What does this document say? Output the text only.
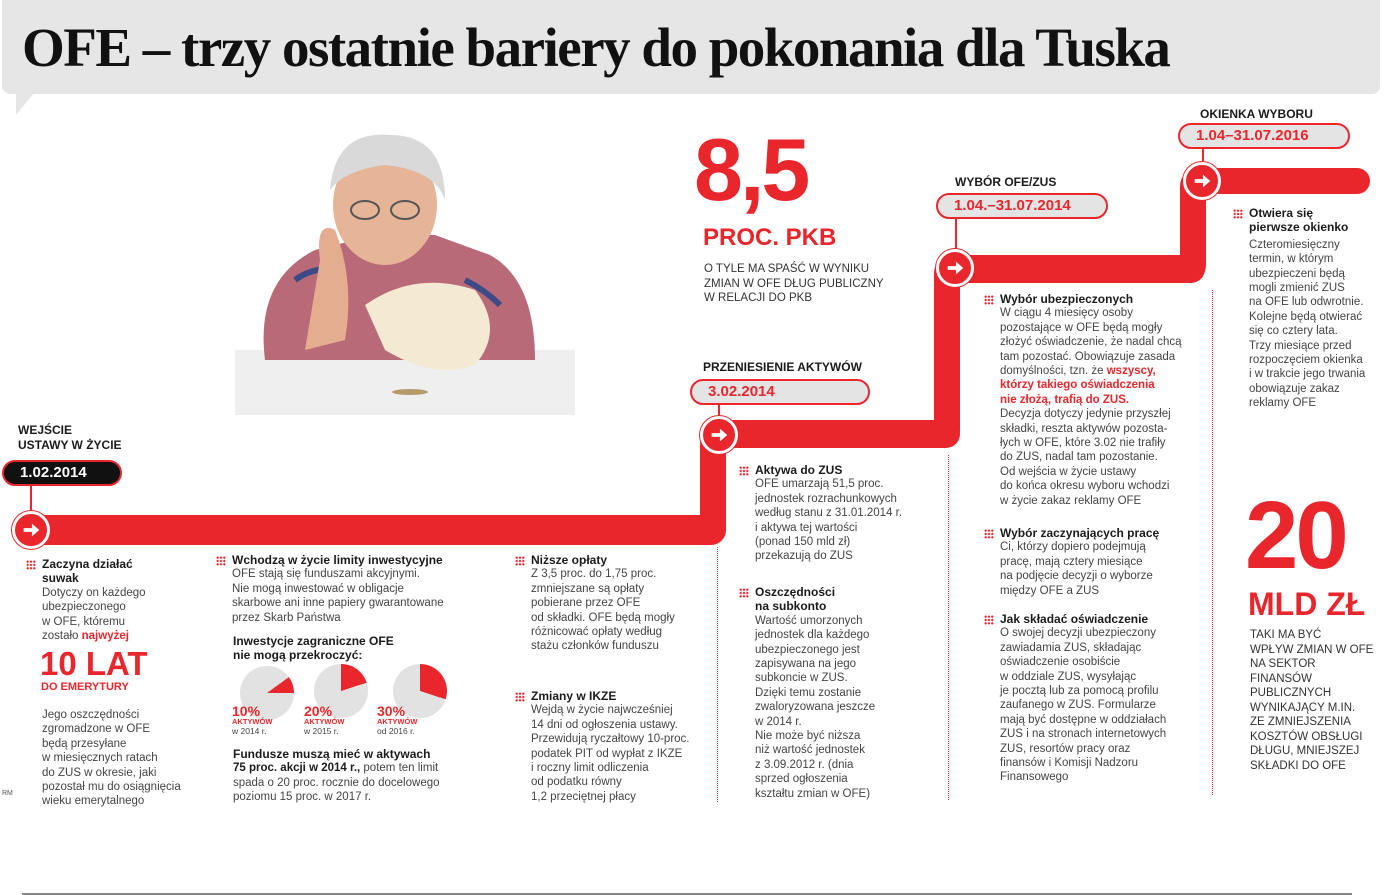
OFE – trzy ostatnie bariery do pokonania dla Tuska
WEJŚCIE
USTAWY W ŻYCIE
1.02.2014
PRZENIESIENIE AKTYWÓW
3.02.2014
WYBÓR OFE/ZUS
1.04.–31.07.2014
OKIENKA WYBORU
1.04–31.07.2016
8,5
PROC. PKB
O TYLE MA SPAŚĆ W WYNIKU
ZMIAN W OFE DŁUG PUBLICZNY
W RELACJI DO PKB
20
MLD ZŁ
TAKI MA BYĆ
WPŁYW ZMIAN W OFE
NA SEKTOR
FINANSÓW
PUBLICZNYCH
WYNIKAJĄCY M.IN.
ZE ZMNIEJSZENIA
KOSZTÓW OBSŁUGI
DŁUGU, MNIEJSZEJ
SKŁADKI DO OFE
Zaczyna działać
suwak
Dotyczy on każdego
ubezpieczonego
w OFE, któremu
zostało najwyżej
10 LAT
DO EMERYTURY
Jego oszczędności
zgromadzone w OFE
będą przesyłane
w miesięcznych ratach
do ZUS w okresie, jaki
pozostał mu do osiągnięcia
wieku emerytalnego
RM
Wchodzą w życie limity inwestycyjne
OFE stają się funduszami akcyjnymi.
Nie mogą inwestować w obligacje
skarbowe ani inne papiery gwarantowane
przez Skarb Państwa
Inwestycje zagraniczne OFE
nie mogą przekroczyć:
10%
AKTYWÓW
w 2014 r.
20%
AKTYWÓW
w 2015 r.
30%
AKTYWÓW
od 2016 r.
Fundusze muszą mieć w aktywach
75 proc. akcji w 2014 r., potem ten limit
spada o 20 proc. rocznie do docelowego
poziomu 15 proc. w 2017 r.
Niższe opłaty
Z 3,5 proc. do 1,75 proc.
zmniejszane są opłaty
pobierane przez OFE
od składki. OFE będą mogły
różnicować opłaty według
stażu członków funduszu
Zmiany w IKZE
Wejdą w życie najwcześniej
14 dni od ogłoszenia ustawy.
Przewidują ryczałtowy 10-proc.
podatek PIT od wypłat z IKZE
i roczny limit odliczenia
od podatku równy
1,2 przeciętnej płacy
Aktywa do ZUS
OFE umarzają 51,5 proc.
jednostek rozrachunkowych
według stanu z 31.01.2014 r.
i aktywa tej wartości
(ponad 150 mld zł)
przekazują do ZUS
Oszczędności
na subkonto
Wartość umorzonych
jednostek dla każdego
ubezpieczonego jest
zapisywana na jego
subkoncie w ZUS.
Dzięki temu zostanie
zwaloryzowana jeszcze
w 2014 r.
Nie może być niższa
niż wartość jednostek
z 3.09.2012 r. (dnia
sprzed ogłoszenia
kształtu zmian w OFE)
Wybór ubezpieczonych
W ciągu 4 miesięcy osoby
pozostające w OFE będą mogły
złożyć oświadczenie, że nadal chcą
tam pozostać. Obowiązuje zasada
domyślności, tzn. że wszyscy,
którzy takiego oświadczenia
nie złożą, trafią do ZUS.
Decyzja dotyczy jedynie przyszłej
składki, reszta aktywów pozosta-
łych w OFE, które 3.02 nie trafiły
do ZUS, nadal tam pozostanie.
Od wejścia w życie ustawy
do końca okresu wyboru wchodzi
w życie zakaz reklamy OFE
Wybór zaczynających pracę
Ci, którzy dopiero podejmują
pracę, mają cztery miesiące
na podjęcie decyzji o wyborze
między OFE a ZUS
Jak składać oświadczenie
O swojej decyzji ubezpieczony
zawiadamia ZUS, składając
oświadczenie osobiście
w oddziale ZUS, wysyłając
je pocztą lub za pomocą profilu
zaufanego w ZUS. Formularze
mają być dostępne w oddziałach
ZUS i na stronach internetowych
ZUS, resortów pracy oraz
finansów i Komisji Nadzoru
Finansowego
Otwiera się
pierwsze okienko
Czteromiesięczny
termin, w którym
ubezpieczeni będą
mogli zmienić ZUS
na OFE lub odwrotnie.
Kolejne będą otwierać
się co cztery lata.
Trzy miesiące przed
rozpoczęciem okienka
i w trakcie jego trwania
obowiązuje zakaz
reklamy OFE
